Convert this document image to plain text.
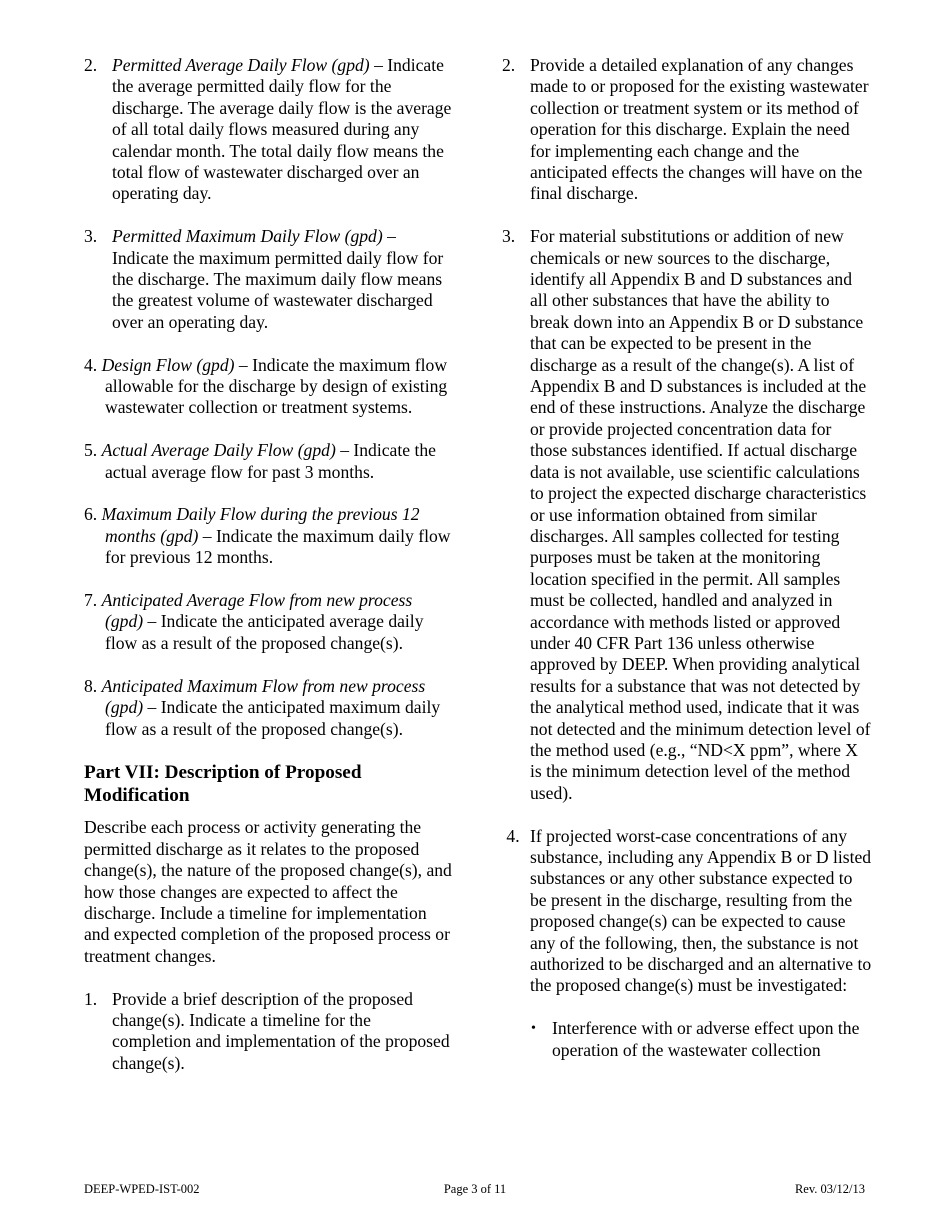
2. Permitted Average Daily Flow (gpd) – Indicate the average permitted daily flow for the discharge. The average daily flow is the average of all total daily flows measured during any calendar month. The total daily flow means the total flow of wastewater discharged over an operating day.
3. Permitted Maximum Daily Flow (gpd) – Indicate the maximum permitted daily flow for the discharge. The maximum daily flow means the greatest volume of wastewater discharged over an operating day.
4. Design Flow (gpd) – Indicate the maximum flow allowable for the discharge by design of existing wastewater collection or treatment systems.
5. Actual Average Daily Flow (gpd) – Indicate the actual average flow for past 3 months.
6. Maximum Daily Flow during the previous 12 months (gpd) – Indicate the maximum daily flow for previous 12 months.
7. Anticipated Average Flow from new process (gpd) – Indicate the anticipated average daily flow as a result of the proposed change(s).
8. Anticipated Maximum Flow from new process (gpd) – Indicate the anticipated maximum daily flow as a result of the proposed change(s).
Part VII: Description of Proposed Modification
Describe each process or activity generating the permitted discharge as it relates to the proposed change(s), the nature of the proposed change(s), and how those changes are expected to affect the discharge. Include a timeline for implementation and expected completion of the proposed process or treatment changes.
1. Provide a brief description of the proposed change(s). Indicate a timeline for the completion and implementation of the proposed change(s).
2. Provide a detailed explanation of any changes made to or proposed for the existing wastewater collection or treatment system or its method of operation for this discharge. Explain the need for implementing each change and the anticipated effects the changes will have on the final discharge.
3. For material substitutions or addition of new chemicals or new sources to the discharge, identify all Appendix B and D substances and all other substances that have the ability to break down into an Appendix B or D substance that can be expected to be present in the discharge as a result of the change(s). A list of Appendix B and D substances is included at the end of these instructions. Analyze the discharge or provide projected concentration data for those substances identified. If actual discharge data is not available, use scientific calculations to project the expected discharge characteristics or use information obtained from similar discharges. All samples collected for testing purposes must be taken at the monitoring location specified in the permit. All samples must be collected, handled and analyzed in accordance with methods listed or approved under 40 CFR Part 136 unless otherwise approved by DEEP. When providing analytical results for a substance that was not detected by the analytical method used, indicate that it was not detected and the minimum detection level of the method used (e.g., “ND<X ppm”, where X is the minimum detection level of the method used).
4. If projected worst-case concentrations of any substance, including any Appendix B or D listed substances or any other substance expected to be present in the discharge, resulting from the proposed change(s) can be expected to cause any of the following, then, the substance is not authorized to be discharged and an alternative to the proposed change(s) must be investigated:
• Interference with or adverse effect upon the operation of the wastewater collection
DEEP-WPED-IST-002	Page 3 of 11	Rev. 03/12/13
